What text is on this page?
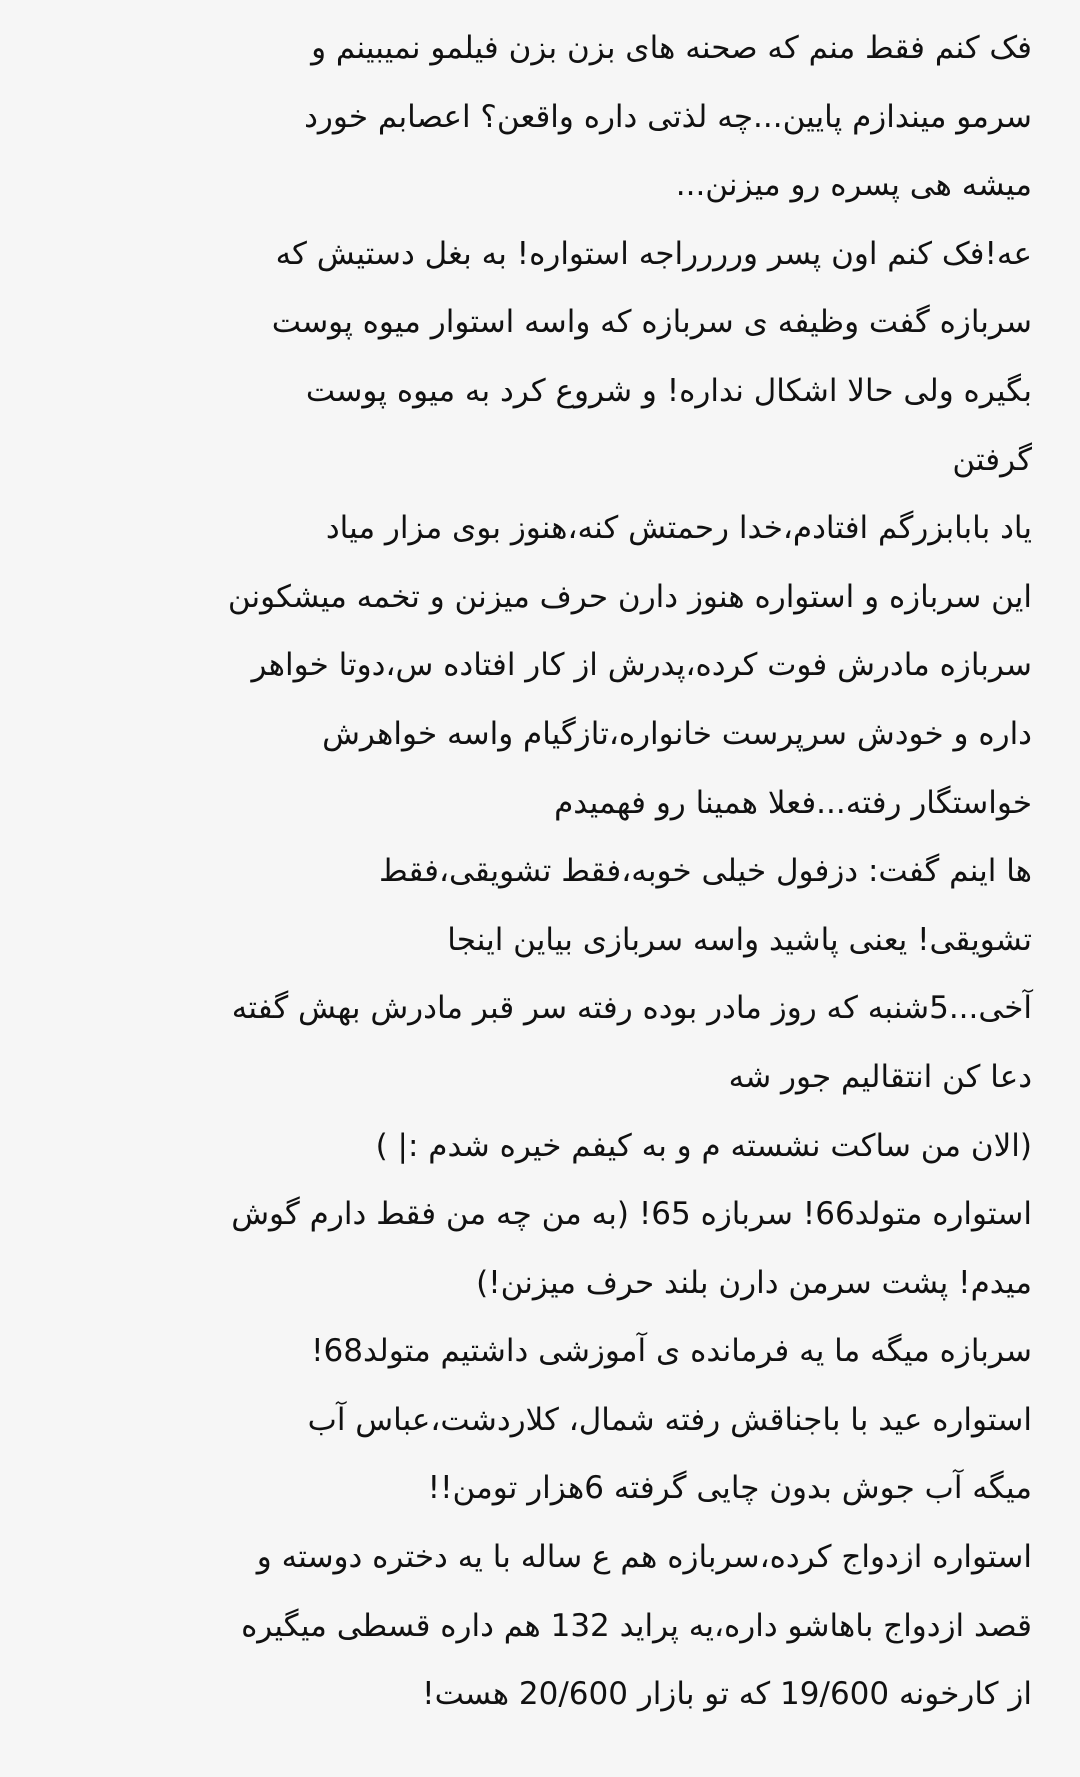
فک کنم فقط منم که صحنه های بزن بزن فیلمو نمیبینم و
سرمو میندازم پایین...چه لذتی داره واقعن؟ اعصابم خورد
میشه هی پسره رو میزنن...
عه!فک کنم اون پسر ورررراجه استواره! به بغل دستیش که
سربازه گفت وظیفه ی سربازه که واسه استوار میوه پوست
بگیره ولی حالا اشکال نداره! و شروع کرد به میوه پوست
گرفتن
یاد بابابزرگم افتادم،خدا رحمتش کنه،هنوز بوی مزار میاد
این سربازه و استواره هنوز دارن حرف میزنن و تخمه میشکونن
سربازه مادرش فوت کرده،پدرش از کار افتاده س،دوتا خواهر
داره و خودش سرپرست خانواره،تازگیام واسه خواهرش
خواستگار رفته...فعلا همینا رو فهمیدم
ها اینم گفت: دزفول خیلی خوبه،فقط تشویقی،فقط
تشویقی! یعنی پاشید واسه سربازی بیاین اینجا
آخی...5شنبه که روز مادر بوده رفته سر قبر مادرش بهش گفته
دعا کن انتقالیم جور شه
(الان من ساکت نشسته م و به کیفم خیره شدم :| )
استواره متولد66! سربازه 65! (به من چه من فقط دارم گوش
میدم! پشت سرمن دارن بلند حرف میزنن!)
سربازه میگه ما یه فرمانده ی آموزشی داشتیم متولد68!
استواره عید با باجناقش رفته شمال، کلاردشت،عباس آب
میگه آب جوش بدون چایی گرفته 6هزار تومن!!
استواره ازدواج کرده،سربازه هم ع ساله با یه دختره دوسته و
قصد ازدواج باهاشو داره،یه پراید 132 هم داره قسطی میگیره
از کارخونه 19/600 که تو بازار 20/600 هست!
